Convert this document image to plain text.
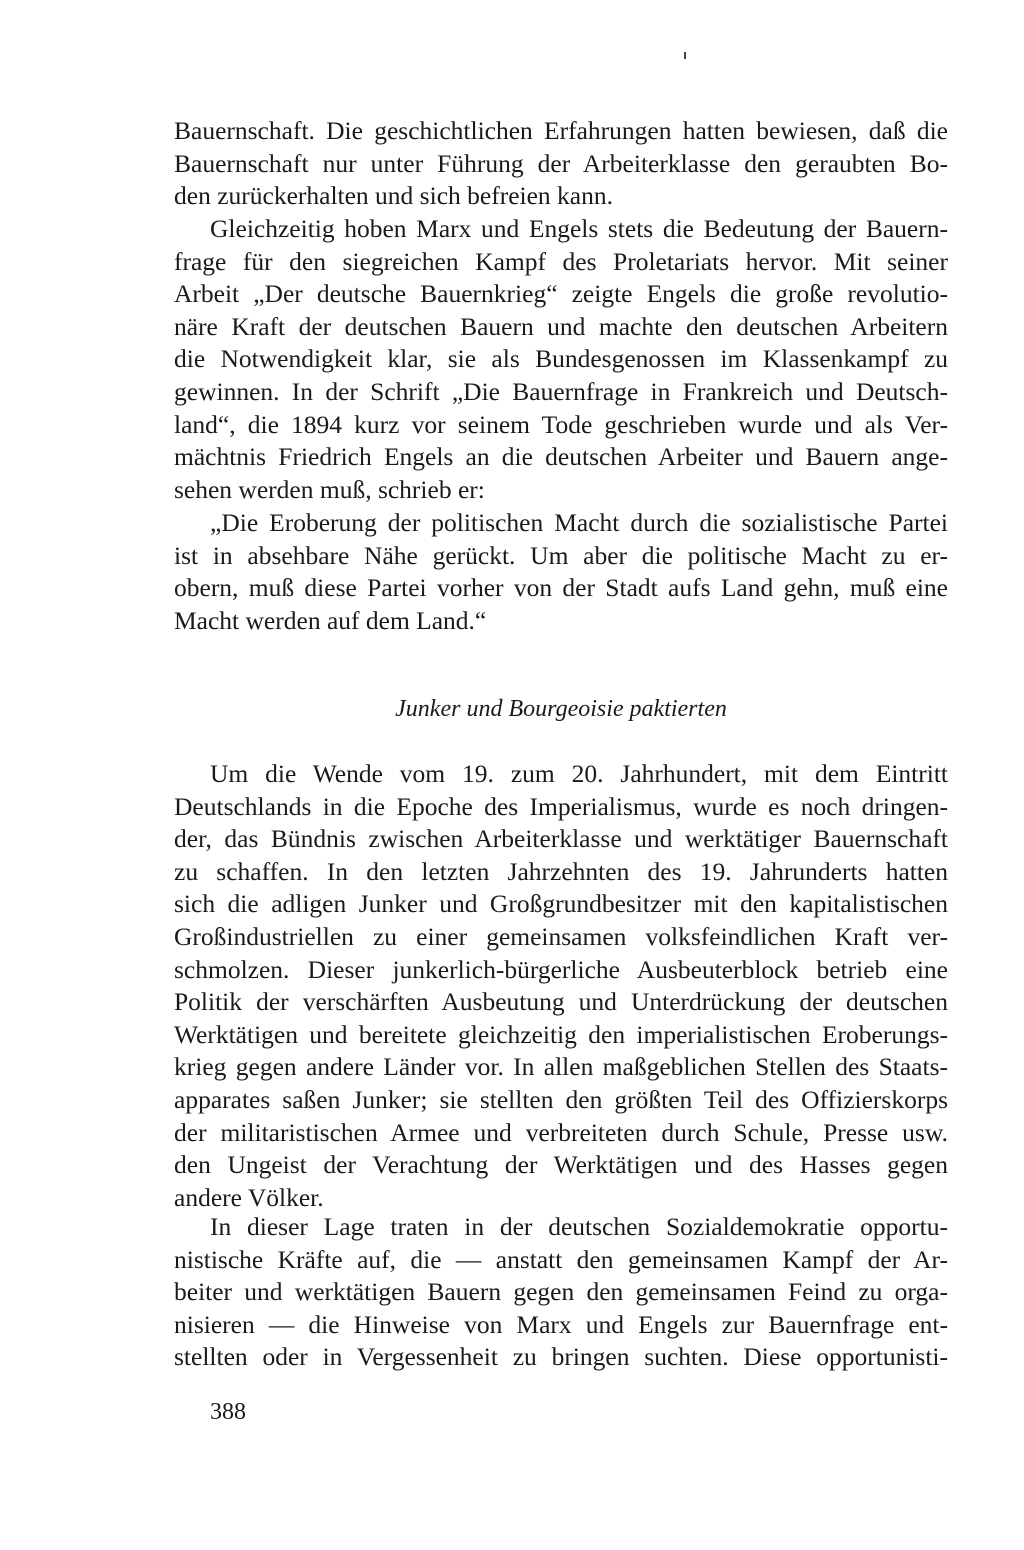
Bauernschaft. Die geschichtlichen Erfahrungen hatten bewiesen, daß die
Bauernschaft nur unter Führung der Arbeiterklasse den geraubten Bo-
den zurückerhalten und sich befreien kann.
Gleichzeitig hoben Marx und Engels stets die Bedeutung der Bauern-
frage für den siegreichen Kampf des Proletariats hervor. Mit seiner
Arbeit „Der deutsche Bauernkrieg“ zeigte Engels die große revolutio-
näre Kraft der deutschen Bauern und machte den deutschen Arbeitern
die Notwendigkeit klar, sie als Bundesgenossen im Klassenkampf zu
gewinnen. In der Schrift „Die Bauernfrage in Frankreich und Deutsch-
land“, die 1894 kurz vor seinem Tode geschrieben wurde und als Ver-
mächtnis Friedrich Engels an die deutschen Arbeiter und Bauern ange-
sehen werden muß, schrieb er:
„Die Eroberung der politischen Macht durch die sozialistische Partei
ist in absehbare Nähe gerückt. Um aber die politische Macht zu er-
obern, muß diese Partei vorher von der Stadt aufs Land gehn, muß eine
Macht werden auf dem Land.“
Junker und Bourgeoisie paktierten
Um die Wende vom 19. zum 20. Jahrhundert, mit dem Eintritt
Deutschlands in die Epoche des Imperialismus, wurde es noch dringen-
der, das Bündnis zwischen Arbeiterklasse und werktätiger Bauernschaft
zu schaffen. In den letzten Jahrzehnten des 19. Jahrunderts hatten
sich die adligen Junker und Großgrundbesitzer mit den kapitalistischen
Großindustriellen zu einer gemeinsamen volksfeindlichen Kraft ver-
schmolzen. Dieser junkerlich-bürgerliche Ausbeuterblock betrieb eine
Politik der verschärften Ausbeutung und Unterdrückung der deutschen
Werktätigen und bereitete gleichzeitig den imperialistischen Eroberungs-
krieg gegen andere Länder vor. In allen maßgeblichen Stellen des Staats-
apparates saßen Junker; sie stellten den größten Teil des Offizierskorps
der militaristischen Armee und verbreiteten durch Schule, Presse usw.
den Ungeist der Verachtung der Werktätigen und des Hasses gegen
andere Völker.
In dieser Lage traten in der deutschen Sozialdemokratie opportu-
nistische Kräfte auf, die — anstatt den gemeinsamen Kampf der Ar-
beiter und werktätigen Bauern gegen den gemeinsamen Feind zu orga-
nisieren — die Hinweise von Marx und Engels zur Bauernfrage ent-
stellten oder in Vergessenheit zu bringen suchten. Diese opportunisti-
388
